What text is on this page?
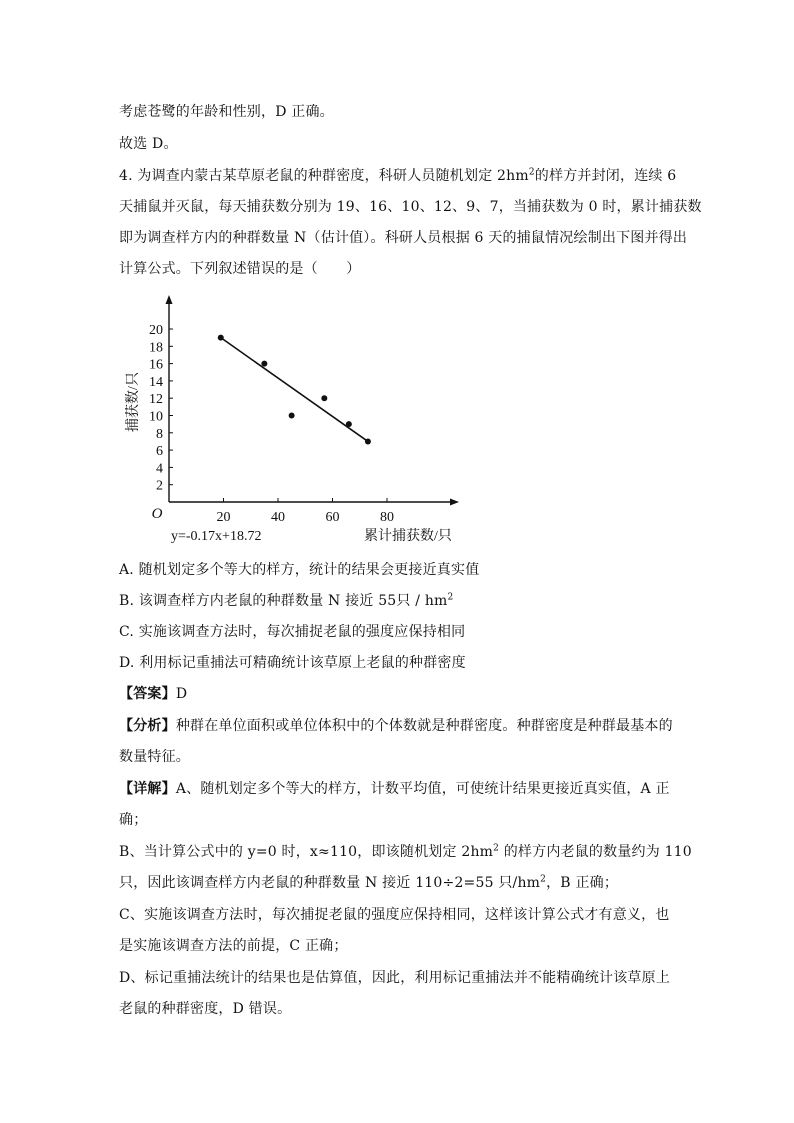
考虑苍鹭的年龄和性别，D 正确。
故选 D。
4. 为调查内蒙古某草原老鼠的种群密度，科研人员随机划定 $2hm^2$的样方并封闭，连续 6
天捕鼠并灭鼠，每天捕获数分别为 19、16、10、12、9、7，当捕获数为 0 时，累计捕获数
即为调查样方内的种群数量 N（估计值）。科研人员根据 6 天的捕鼠情况绘制出下图并得出
计算公式。下列叙述错误的是（　　）
2
4
6
8
10
12
14
16
18
20
20	40	60	80
O
捕获数/只
累计捕获数/只
y=-0.17x+18.72
A. 随机划定多个等大的样方，统计的结果会更接近真实值
B. 该调查样方内老鼠的种群数量 N 接近 55只 / $hm^2$
C. 实施该调查方法时，每次捕捉老鼠的强度应保持相同
D. 利用标记重捕法可精确统计该草原上老鼠的种群密度
【答案】D
【分析】种群在单位面积或单位体积中的个体数就是种群密度。种群密度是种群最基本的
数量特征。
【详解】A、随机划定多个等大的样方，计数平均值，可使统计结果更接近真实值，A 正
确；
B、当计算公式中的 y=0 时，x≈110，即该随机划定 $2hm^2$ 的样方内老鼠的数量约为 110
只，因此该调查样方内老鼠的种群数量 N 接近 110÷2=55 只$/hm^2$，B 正确；
C、实施该调查方法时，每次捕捉老鼠的强度应保持相同，这样该计算公式才有意义，也
是实施该调查方法的前提，C 正确；
D、标记重捕法统计的结果也是估算值，因此，利用标记重捕法并不能精确统计该草原上
老鼠的种群密度，D 错误。
